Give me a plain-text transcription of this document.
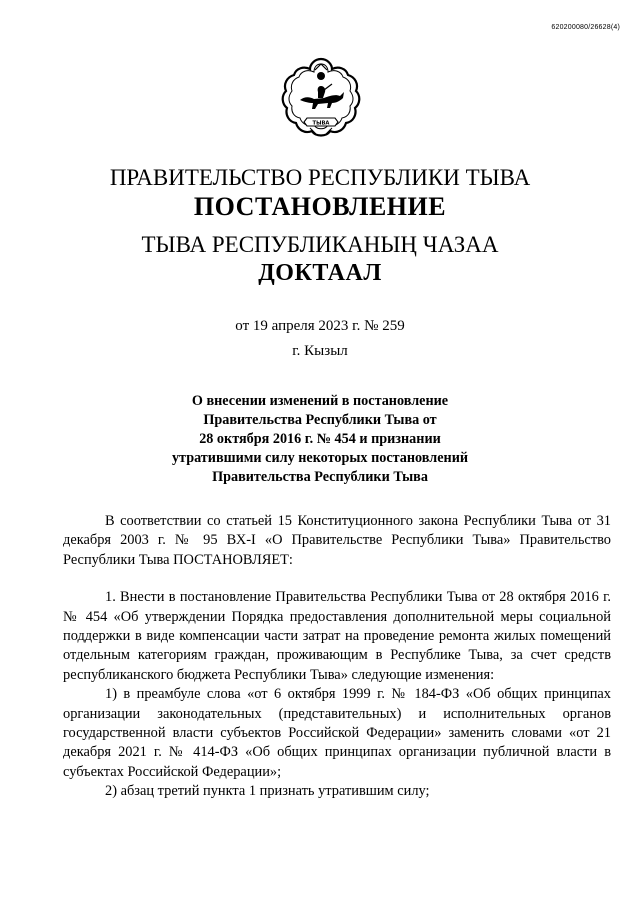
620200080/26628(4)
ТЫВА
ПРАВИТЕЛЬСТВО РЕСПУБЛИКИ ТЫВА
ПОСТАНОВЛЕНИЕ
ТЫВА РЕСПУБЛИКАНЫҢ ЧАЗАА
ДОКТААЛ
от 19 апреля 2023 г. № 259
г. Кызыл
О внесении изменений в постановление
Правительства Республики Тыва от
28 октября 2016 г. № 454 и признании
утратившими силу некоторых постановлений
Правительства Республики Тыва

В соответствии со статьей 15 Конституционного закона Республики Тыва от 31 декабря 2003 г. № 95 ВХ-I «О Правительстве Республики Тыва» Правительство Республики Тыва ПОСТАНОВЛЯЕТ:

1. Внести в постановление Правительства Республики Тыва от 28 октября 2016 г. № 454 «Об утверждении Порядка предоставления дополнительной меры социальной поддержки в виде компенсации части затрат на проведение ремонта жилых помещений отдельным категориям граждан, проживающим в Республике Тыва, за счет средств республиканского бюджета Республики Тыва» следующие изменения:

1) в преамбуле слова «от 6 октября 1999 г. № 184-ФЗ «Об общих принципах организации законодательных (представительных) и исполнительных органов государственной власти субъектов Российской Федерации» заменить словами «от 21 декабря 2021 г. № 414-ФЗ «Об общих принципах организации публичной власти в субъектах Российской Федерации»;

2) абзац третий пункта 1 признать утратившим силу;
